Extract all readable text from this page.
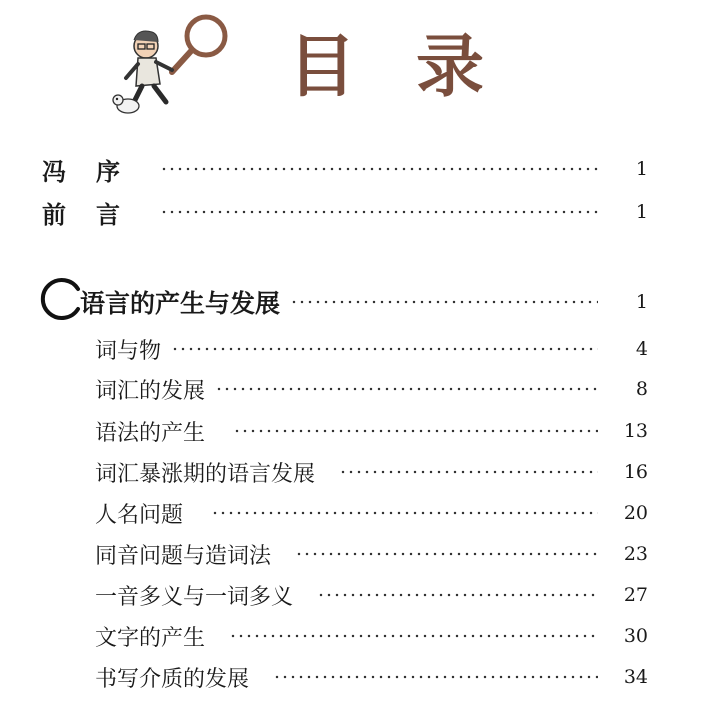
目 录
冯序	1
前言	1
语言的产生与发展	1
词与物	4
词汇的发展	8
语法的产生	13
词汇暴涨期的语言发展	16
人名问题	20
同音问题与造词法	23
一音多义与一词多义	27
文字的产生	30
书写介质的发展	34
